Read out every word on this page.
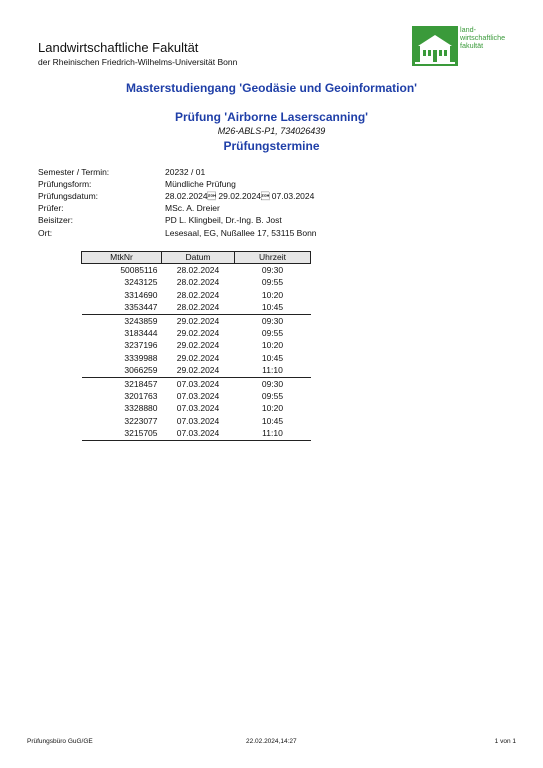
Landwirtschaftliche Fakultät
der Rheinischen Friedrich-Wilhelms-Universität Bonn
land-
wirtschaftliche
fakultät
Masterstudiengang 'Geodäsie und Geoinformation'
Prüfung 'Airborne Laserscanning'
M26-ABLS-P1, 734026439
Prüfungstermine
Semester / Termin:	20232 / 01
Prüfungsform:	Mündliche Prüfung
Prüfungsdatum:	28.02.2024 29.02.2024 07.03.2024
Prüfer:	MSc. A. Dreier
Beisitzer:	PD L. Klingbeil, Dr.-Ing. B. Jost
Ort:	Lesesaal, EG, Nußallee 17, 53115 Bonn
MtkNr	Datum	Uhrzeit
50085116	28.02.2024	09:30
3243125	28.02.2024	09:55
3314690	28.02.2024	10:20
3353447	28.02.2024	10:45
3243859	29.02.2024	09:30
3183444	29.02.2024	09:55
3237196	29.02.2024	10:20
3339988	29.02.2024	10:45
3066259	29.02.2024	11:10
3218457	07.03.2024	09:30
3201763	07.03.2024	09:55
3328880	07.03.2024	10:20
3223077	07.03.2024	10:45
3215705	07.03.2024	11:10
Prüfungsbüro GuG/GE	22.02.2024,14:27	1 von 1
